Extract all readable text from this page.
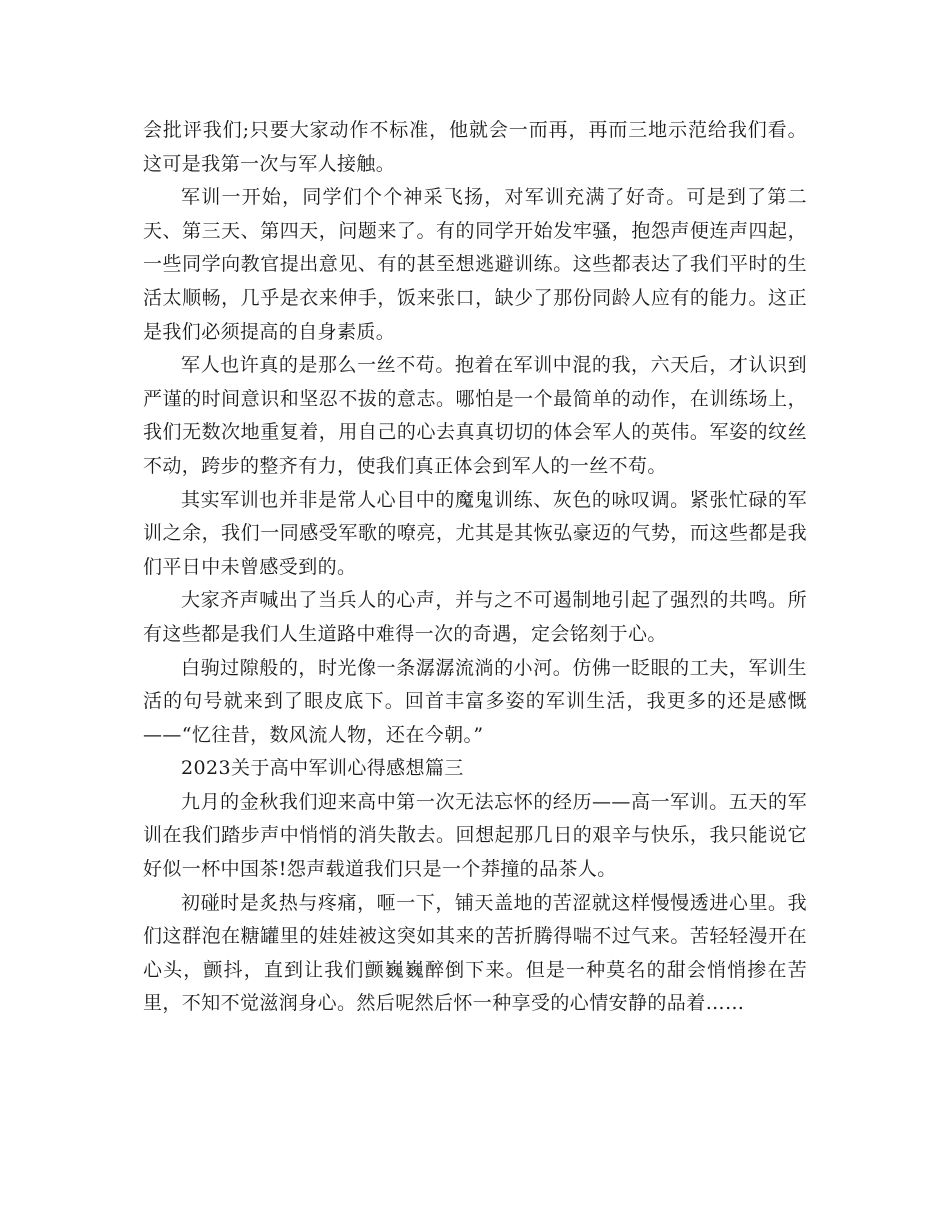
会批评我们;只要大家动作不标准，他就会一而再，再而三地示范给我们看。这可是我第一次与军人接触。

军训一开始，同学们个个神采飞扬，对军训充满了好奇。可是到了第二天、第三天、第四天，问题来了。有的同学开始发牢骚，抱怨声便连声四起，一些同学向教官提出意见、有的甚至想逃避训练。这些都表达了我们平时的生活太顺畅，几乎是衣来伸手，饭来张口，缺少了那份同龄人应有的能力。这正是我们必须提高的自身素质。

军人也许真的是那么一丝不苟。抱着在军训中混的我，六天后，才认识到严谨的时间意识和坚忍不拔的意志。哪怕是一个最简单的动作，在训练场上，我们无数次地重复着，用自己的心去真真切切的体会军人的英伟。军姿的纹丝不动，跨步的整齐有力，使我们真正体会到军人的一丝不苟。

其实军训也并非是常人心目中的魔鬼训练、灰色的咏叹调。紧张忙碌的军训之余，我们一同感受军歌的嘹亮，尤其是其恢弘豪迈的气势，而这些都是我们平日中未曾感受到的。

大家齐声喊出了当兵人的心声，并与之不可遏制地引起了强烈的共鸣。所有这些都是我们人生道路中难得一次的奇遇，定会铭刻于心。

白驹过隙般的，时光像一条潺潺流淌的小河。仿佛一眨眼的工夫，军训生活的句号就来到了眼皮底下。回首丰富多姿的军训生活，我更多的还是感慨——“忆往昔，数风流人物，还在今朝。”

2023关于高中军训心得感想篇三

九月的金秋我们迎来高中第一次无法忘怀的经历——高一军训。五天的军训在我们踏步声中悄悄的消失散去。回想起那几日的艰辛与快乐，我只能说它好似一杯中国茶!怨声载道我们只是一个莽撞的品茶人。

初碰时是炙热与疼痛，咂一下，铺天盖地的苦涩就这样慢慢透进心里。我们这群泡在糖罐里的娃娃被这突如其来的苦折腾得喘不过气来。苦轻轻漫开在心头，颤抖，直到让我们颤巍巍醉倒下来。但是一种莫名的甜会悄悄掺在苦里，不知不觉滋润身心。然后呢然后怀一种享受的心情安静的品着……
